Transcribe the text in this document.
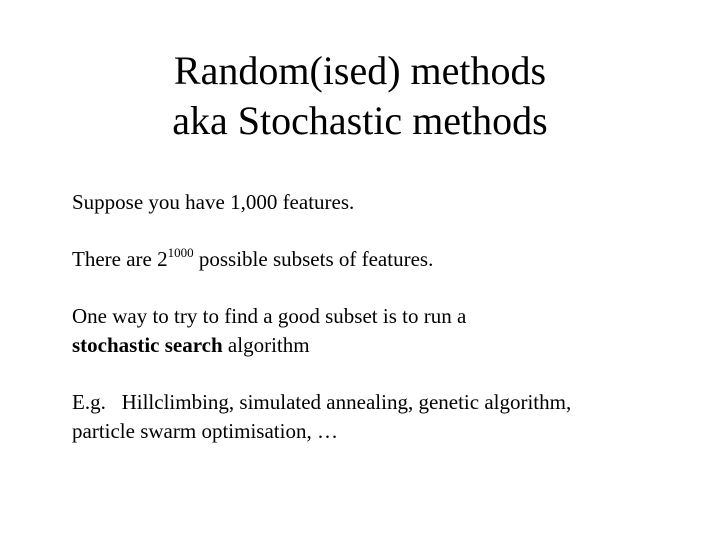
Random(ised) methods
aka Stochastic methods

Suppose you have 1,000 features.

There are $2^{1000}$ possible subsets of features.

One way to try to find a good subset is to run a
stochastic search algorithm

E.g.   Hillclimbing, simulated annealing, genetic algorithm,
particle swarm optimisation, …
